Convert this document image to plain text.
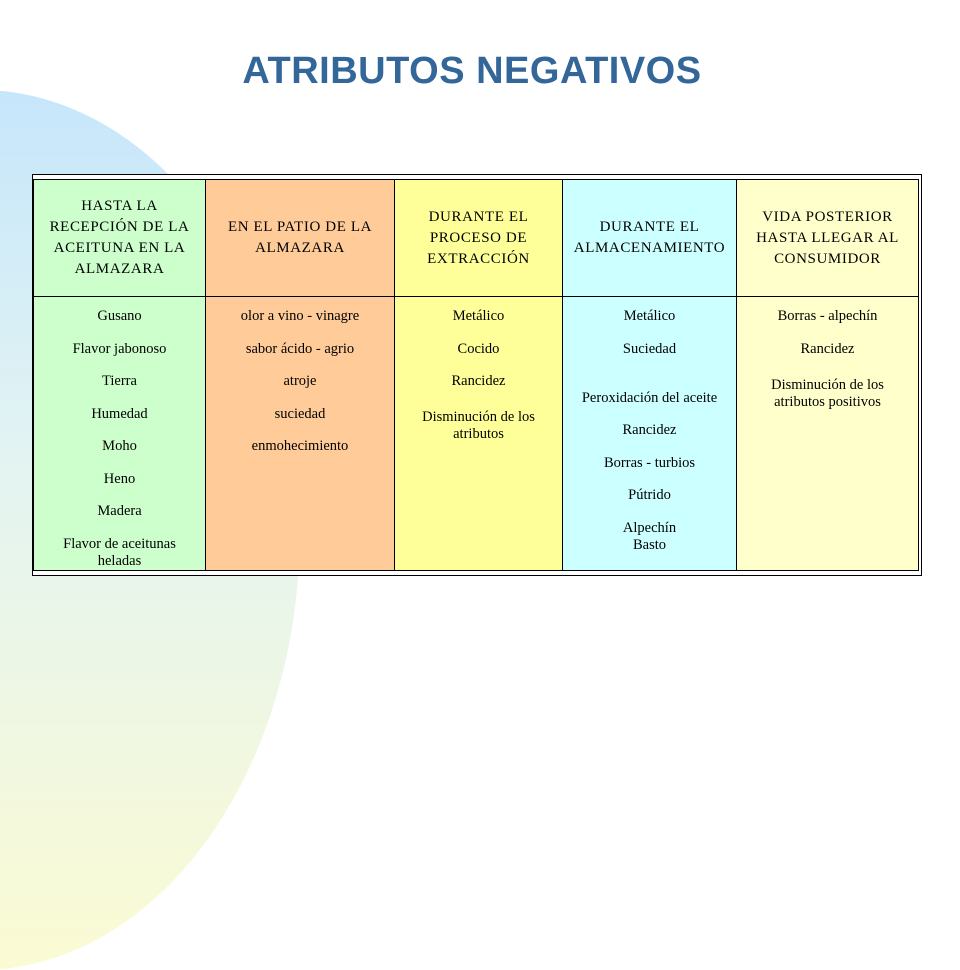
ATRIBUTOS NEGATIVOS
HASTA LA
RECEPCIÓN DE LA
ACEITUNA EN LA
ALMAZARA
Gusano
Flavor jabonoso
Tierra
Humedad
Moho
Heno
Madera
Flavor de aceitunas heladas
EN EL PATIO DE LA
ALMAZARA
olor a vino - vinagre
sabor ácido - agrio
atroje
suciedad
enmohecimiento
DURANTE EL
PROCESO DE
EXTRACCIÓN
Metálico
Cocido
Rancidez
Disminución de los atributos
DURANTE EL
ALMACENAMIENTO
Metálico
Suciedad
Peroxidación del aceite
Rancidez
Borras - turbios
Pútrido
Alpechín
Basto
VIDA POSTERIOR
HASTA LLEGAR AL
CONSUMIDOR
Borras - alpechín
Rancidez
Disminución de los atributos positivos
